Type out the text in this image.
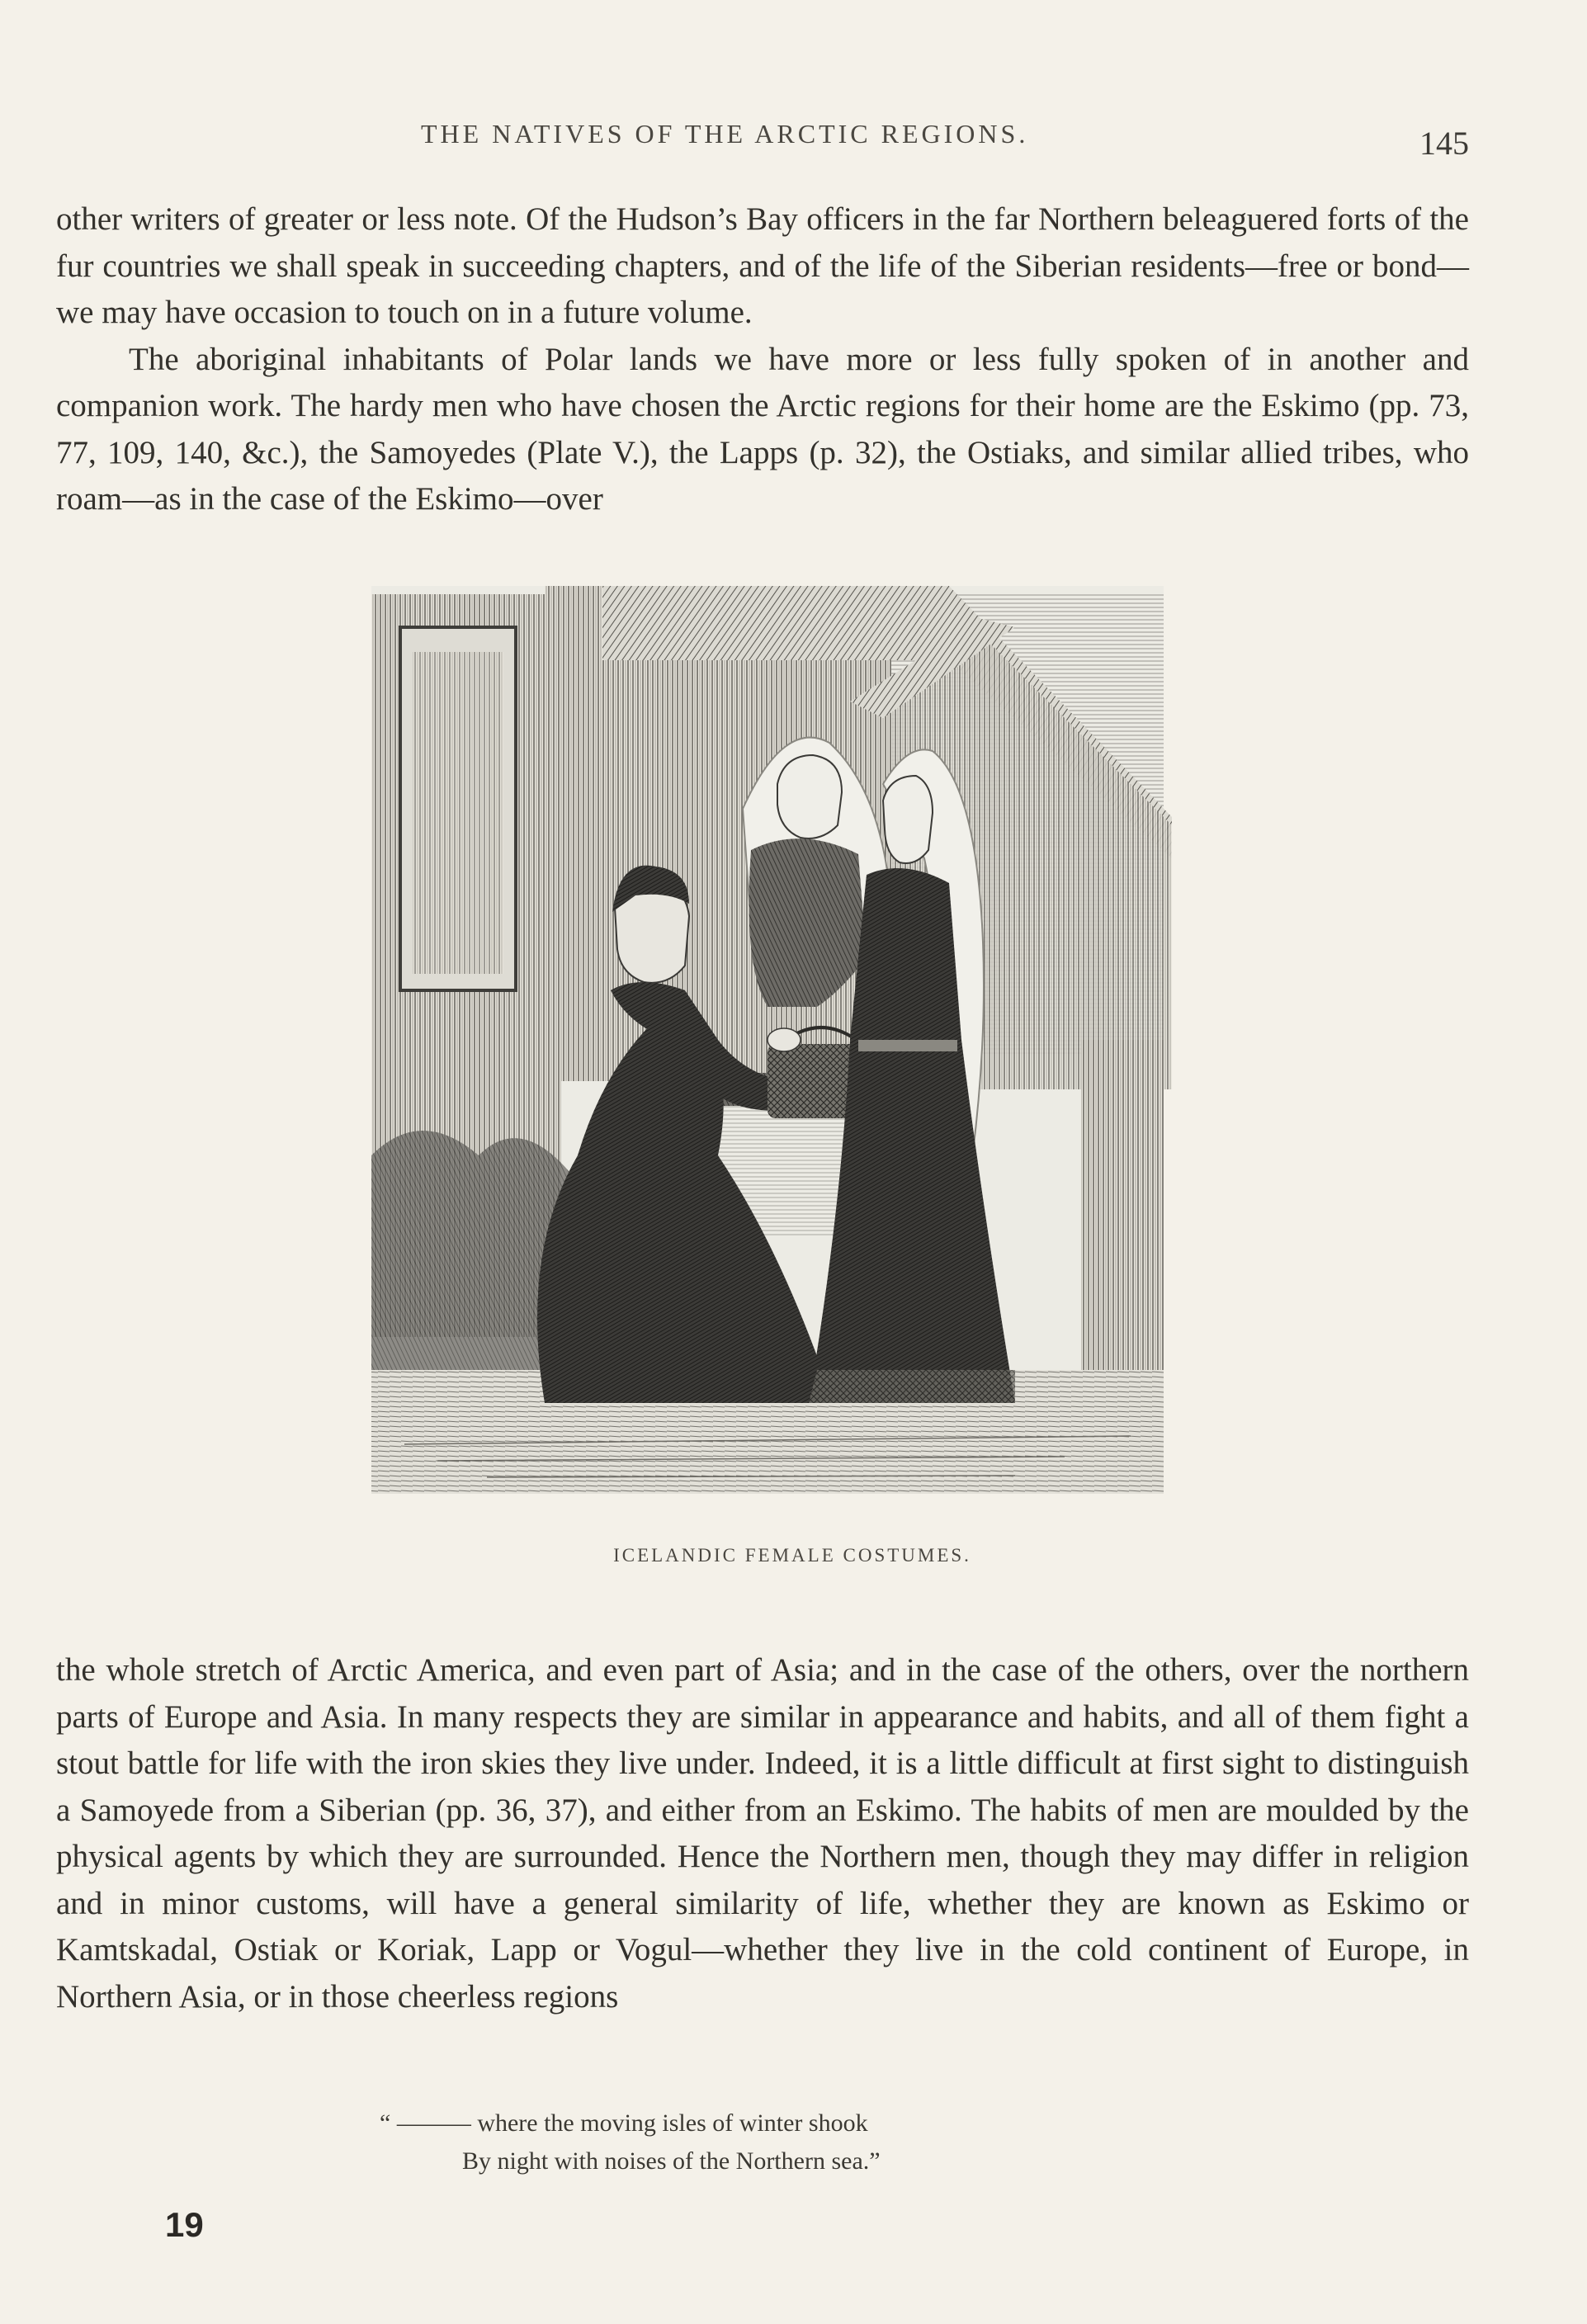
THE NATIVES OF THE ARCTIC REGIONS.	145

other writers of greater or less note. Of the Hudson’s Bay officers in the far Northern beleaguered forts of the fur countries we shall speak in succeeding chapters, and of the life of the Siberian residents—free or bond—we may have occasion to touch on in a future volume.

The aboriginal inhabitants of Polar lands we have more or less fully spoken of in another and companion work. The hardy men who have chosen the Arctic regions for their home are the Eskimo (pp. 73, 77, 109, 140, &c.), the Samoyedes (Plate V.), the Lapps (p. 32), the Ostiaks, and similar allied tribes, who roam—as in the case of the Eskimo—over

ICELANDIC FEMALE COSTUMES.

the whole stretch of Arctic America, and even part of Asia; and in the case of the others, over the northern parts of Europe and Asia. In many respects they are similar in appearance and habits, and all of them fight a stout battle for life with the iron skies they live under. Indeed, it is a little difficult at first sight to distinguish a Samoyede from a Siberian (pp. 36, 37), and either from an Eskimo. The habits of men are moulded by the physical agents by which they are surrounded. Hence the Northern men, though they may differ in religion and in minor customs, will have a general similarity of life, whether they are known as Eskimo or Kamtskadal, Ostiak or Koriak, Lapp or Vogul—whether they live in the cold continent of Europe, in Northern Asia, or in those cheerless regions

“ ——— where the moving isles of winter shook
By night with noises of the Northern sea.”
19
